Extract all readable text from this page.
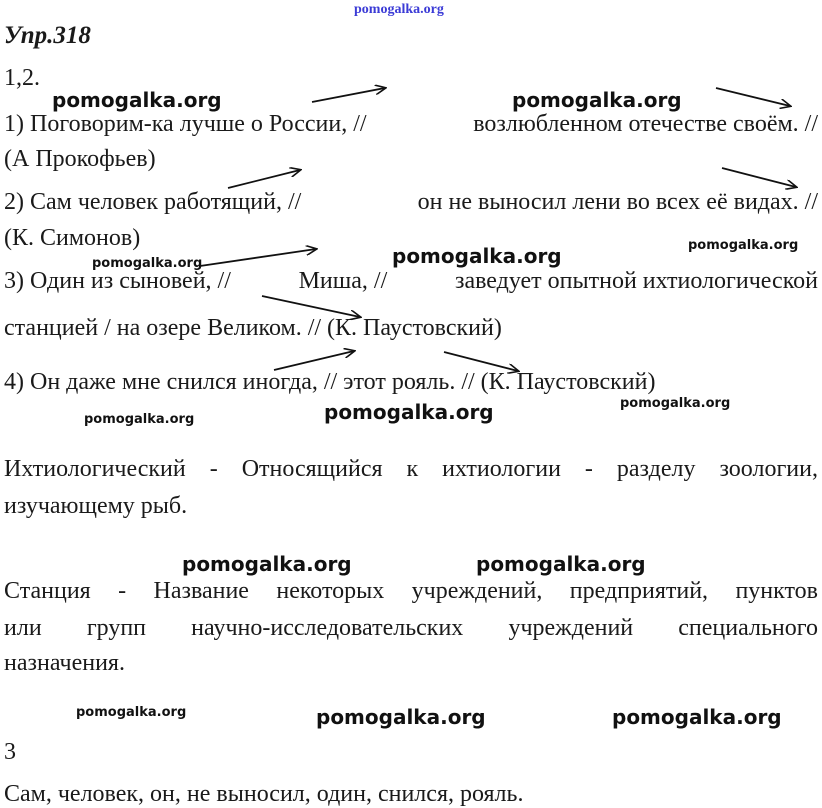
pomogalka.org
Упр.318
1,2.
1) Поговорим-ка лучше о России, //	возлюбленном отечестве своём. //
(А Прокофьев)
2) Сам человек работящий, //	он не выносил лени во всех её видах. //
(К. Симонов)
3) Один из сыновей, //	Миша, //	заведует опытной ихтиологической
станцией / на озере Великом. // (К. Паустовский)
4) Он даже мне снился иногда, // этот рояль. // (К. Паустовский)
Ихтиологический - Относящийся к ихтиологии - разделу зоологии,
изучающему рыб.
Станция - Название некоторых учреждений, предприятий, пунктов
или групп научно-исследовательских учреждений специального
назначения.
3
Сам, человек, он, не выносил, один, снился, рояль.
pomogalka.org	pomogalka.org
pomogalka.org	pomogalka.org
pomogalka.org
pomogalka.org	pomogalka.org
pomogalka.org
pomogalka.org	pomogalka.org
pomogalka.org	pomogalka.org	pomogalka.org
